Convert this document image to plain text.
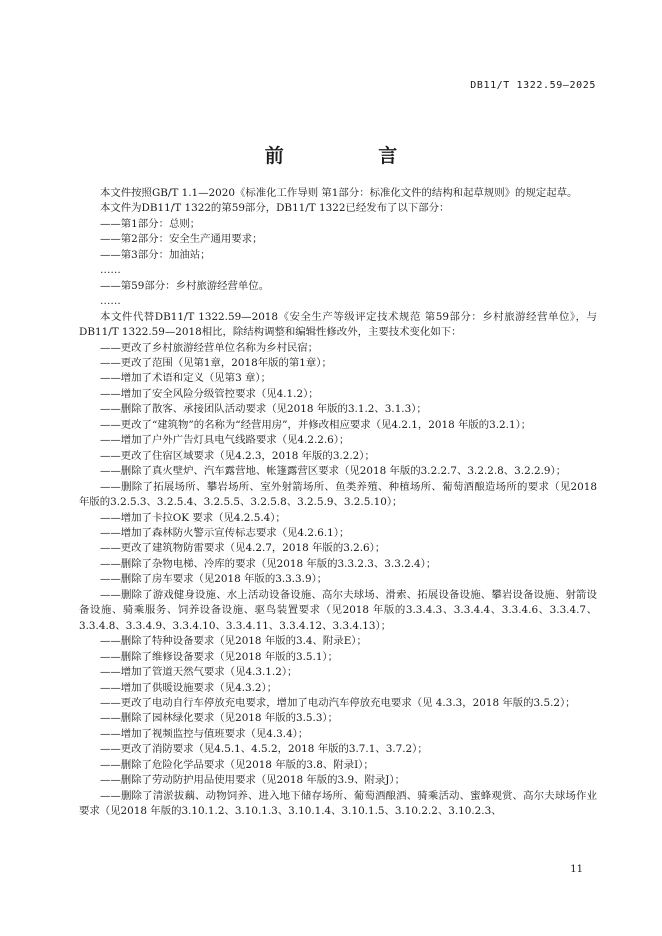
DB11/T 1322.59—2025
前 言

本文件按照GB/T 1.1—2020《标准化工作导则 第1部分：标准化文件的结构和起草规则》的规定起草。

本文件为DB11/T 1322的第59部分，DB11/T 1322已经发布了以下部分：

——第1部分：总则；

——第2部分：安全生产通用要求；

——第3部分：加油站；

……

——第59部分：乡村旅游经营单位。

……

本文件代替DB11/T 1322.59—2018《安全生产等级评定技术规范 第59部分：乡村旅游经营单位》，与DB11/T 1322.59—2018相比，除结构调整和编辑性修改外，主要技术变化如下：

——更改了乡村旅游经营单位名称为乡村民宿；

——更改了范围（见第1章，2018年版的第1章）；

——增加了术语和定义（见第3 章）；

——增加了安全风险分级管控要求（见4.1.2）；

——删除了散客、承接团队活动要求（见2018 年版的3.1.2、3.1.3）；

——更改了“建筑物”的名称为“经营用房”，并修改相应要求（见4.2.1，2018 年版的3.2.1）；

——增加了户外广告灯具电气线路要求（见4.2.2.6）；

——更改了住宿区域要求（见4.2.3，2018 年版的3.2.2）；

——删除了真火壁炉、汽车露营地、帐篷露营区要求（见2018 年版的3.2.2.7、3.2.2.8、3.2.2.9）；

——删除了拓展场所、攀岩场所、室外射箭场所、鱼类养殖、种植场所、葡萄酒酿造场所的要求（见2018 年版的3.2.5.3、3.2.5.4、3.2.5.5、3.2.5.8、3.2.5.9、3.2.5.10）；

——增加了卡拉OK 要求（见4.2.5.4）；

——增加了森林防火警示宣传标志要求（见4.2.6.1）；

——更改了建筑物防雷要求（见4.2.7，2018 年版的3.2.6）；

——删除了杂物电梯、冷库的要求（见2018 年版的3.3.2.3、3.3.2.4）；

——删除了房车要求（见2018 年版的3.3.3.9）；

——删除了游戏健身设施、水上活动设备设施、高尔夫球场、滑索、拓展设备设施、攀岩设备设施、射箭设备设施、骑乘服务、饲养设备设施、驱鸟装置要求（见2018 年版的3.3.4.3、3.3.4.4、3.3.4.6、3.3.4.7、3.3.4.8、3.3.4.9、3.3.4.10、3.3.4.11、3.3.4.12、3.3.4.13）；

——删除了特种设备要求（见2018 年版的3.4、附录E）；

——删除了维修设备要求（见2018 年版的3.5.1）；

——增加了管道天然气要求（见4.3.1.2）；

——增加了供暖设施要求（见4.3.2）；

——更改了电动自行车停放充电要求，增加了电动汽车停放充电要求（见 4.3.3，2018 年版的3.5.2）；

——删除了园林绿化要求（见2018 年版的3.5.3）；

——增加了视频监控与值班要求（见4.3.4）；

——更改了消防要求（见4.5.1、4.5.2，2018 年版的3.7.1、3.7.2）；

——删除了危险化学品要求（见2018 年版的3.8、附录I）；

——删除了劳动防护用品使用要求（见2018 年版的3.9、附录J）；

——删除了清淤拔藕、动物饲养、进入地下储存场所、葡萄酒酿酒、骑乘活动、蜜蜂观赏、高尔夫球场作业要求（见2018 年版的3.10.1.2、3.10.1.3、3.10.1.4、3.10.1.5、3.10.2.2、3.10.2.3、

11
